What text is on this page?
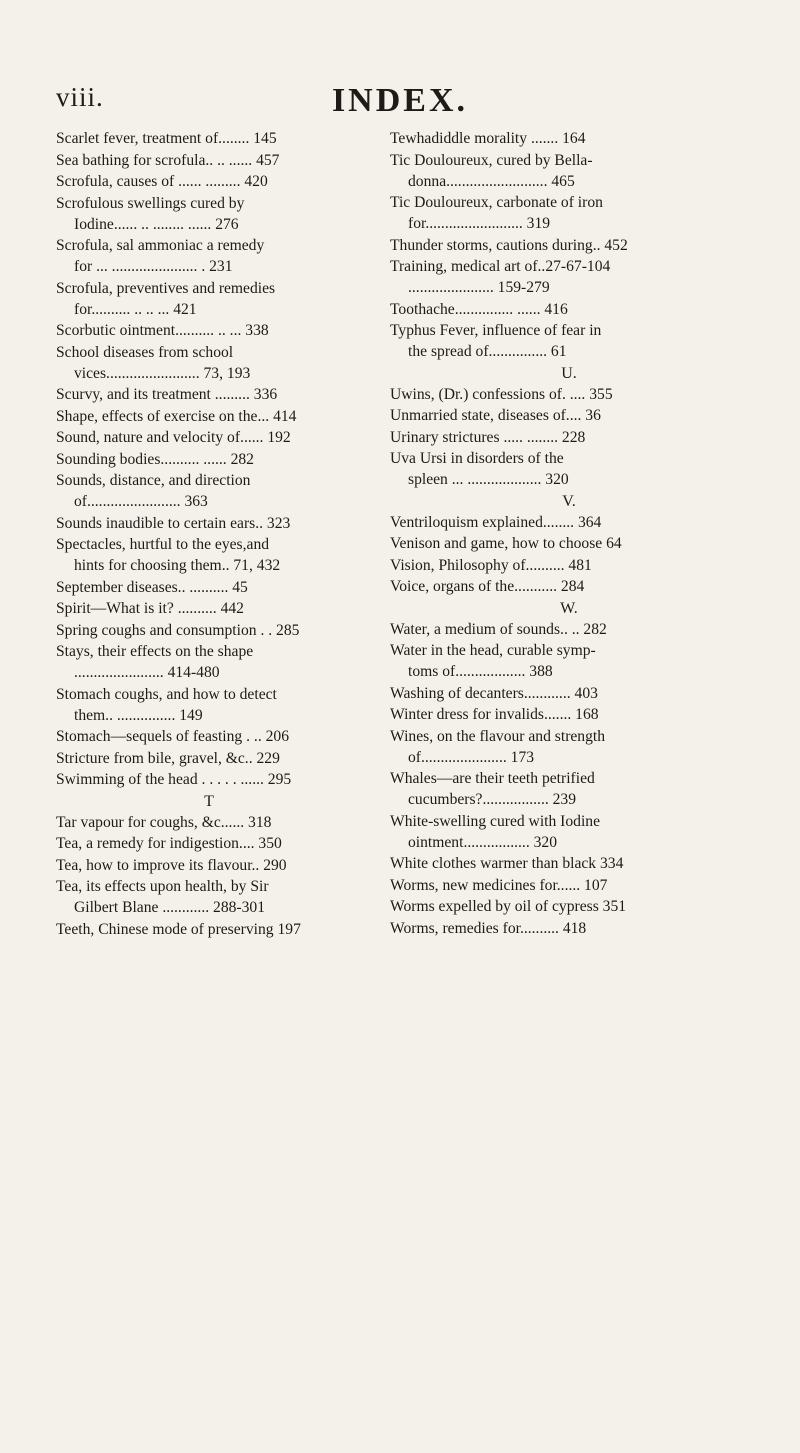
viii.	INDEX.
Scarlet fever, treatment of........ 145
Sea bathing for scrofula.. .. ...... 457
Scrofula, causes of ...... ......... 420
Scrofulous swellings cured by
Iodine...... .. ........ ...... 276
Scrofula, sal ammoniac a remedy
for ... ...................... . 231
Scrofula, preventives and remedies
for.......... .. .. ... 421
Scorbutic ointment.......... .. ... 338
School diseases from school
vices........................ 73, 193
Scurvy, and its treatment ......... 336
Shape, effects of exercise on the... 414
Sound, nature and velocity of...... 192
Sounding bodies.......... ...... 282
Sounds, distance, and direction
of........................ 363
Sounds inaudible to certain ears.. 323
Spectacles, hurtful to the eyes,and
hints for choosing them.. 71, 432
September diseases.. .......... 45
Spirit—What is it? .......... 442
Spring coughs and consumption . . 285
Stays, their effects on the shape
....................... 414-480
Stomach coughs, and how to detect
them.. ............... 149
Stomach—sequels of feasting . .. 206
Stricture from bile, gravel, &c.. 229
Swimming of the head . . . . . ...... 295
T
Tar vapour for coughs, &c...... 318
Tea, a remedy for indigestion.... 350
Tea, how to improve its flavour.. 290
Tea, its effects upon health, by Sir
Gilbert Blane ............ 288-301
Teeth, Chinese mode of preserving 197
Tewhadiddle morality ....... 164
Tic Douloureux, cured by Bella-
donna.......................... 465
Tic Douloureux, carbonate of iron
for......................... 319
Thunder storms, cautions during.. 452
Training, medical art of..27-67-104
...................... 159-279
Toothache............... ...... 416
Typhus Fever, influence of fear in
the spread of............... 61
U.
Uwins, (Dr.) confessions of. .... 355
Unmarried state, diseases of.... 36
Urinary strictures ..... ........ 228
Uva Ursi in disorders of the
spleen ... ................... 320
V.
Ventriloquism explained........ 364
Venison and game, how to choose 64
Vision, Philosophy of.......... 481
Voice, organs of the........... 284
W.
Water, a medium of sounds.. .. 282
Water in the head, curable symp-
toms of.................. 388
Washing of decanters............ 403
Winter dress for invalids....... 168
Wines, on the flavour and strength
of...................... 173
Whales—are their teeth petrified
cucumbers?................. 239
White-swelling cured with Iodine
ointment................. 320
White clothes warmer than black 334
Worms, new medicines for...... 107
Worms expelled by oil of cypress 351
Worms, remedies for.......... 418
